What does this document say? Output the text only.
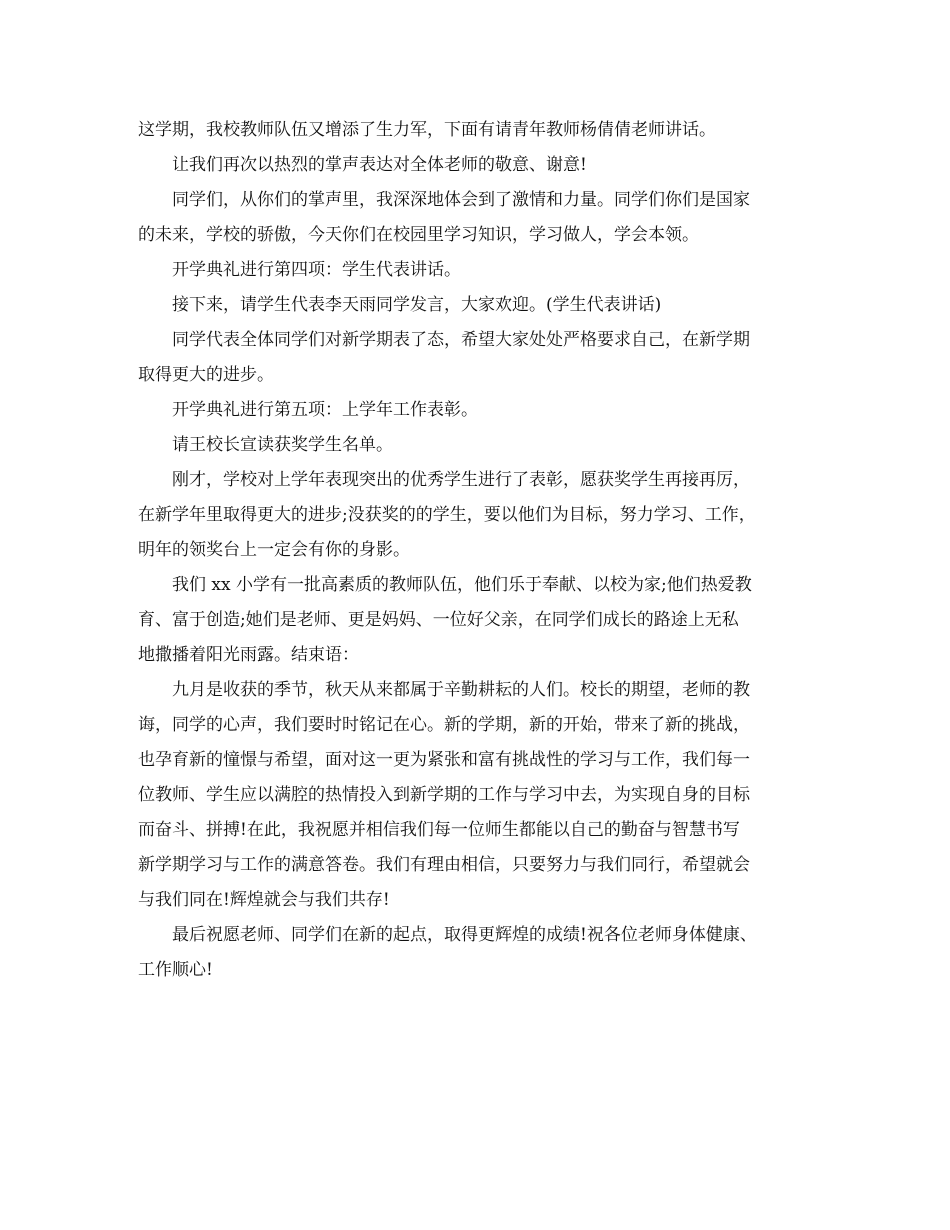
这学期，我校教师队伍又增添了生力军，下面有请青年教师杨倩倩老师讲话。
让我们再次以热烈的掌声表达对全体老师的敬意、谢意!
同学们，从你们的掌声里，我深深地体会到了激情和力量。同学们你们是国家
的未来，学校的骄傲，今天你们在校园里学习知识，学习做人，学会本领。
开学典礼进行第四项：学生代表讲话。
接下来，请学生代表李天雨同学发言，大家欢迎。(学生代表讲话)
同学代表全体同学们对新学期表了态，希望大家处处严格要求自己，在新学期
取得更大的进步。
开学典礼进行第五项：上学年工作表彰。
请王校长宣读获奖学生名单。
刚才，学校对上学年表现突出的优秀学生进行了表彰，愿获奖学生再接再厉，
在新学年里取得更大的进步;没获奖的的学生，要以他们为目标，努力学习、工作，
明年的领奖台上一定会有你的身影。
我们 xx 小学有一批高素质的教师队伍，他们乐于奉献、以校为家;他们热爱教
育、富于创造;她们是老师、更是妈妈、一位好父亲，在同学们成长的路途上无私
地撒播着阳光雨露。结束语：
九月是收获的季节，秋天从来都属于辛勤耕耘的人们。校长的期望，老师的教
诲，同学的心声，我们要时时铭记在心。新的学期，新的开始，带来了新的挑战，
也孕育新的憧憬与希望，面对这一更为紧张和富有挑战性的学习与工作，我们每一
位教师、学生应以满腔的热情投入到新学期的工作与学习中去，为实现自身的目标
而奋斗、拼搏!在此，我祝愿并相信我们每一位师生都能以自己的勤奋与智慧书写
新学期学习与工作的满意答卷。我们有理由相信，只要努力与我们同行，希望就会
与我们同在!辉煌就会与我们共存!
最后祝愿老师、同学们在新的起点，取得更辉煌的成绩!祝各位老师身体健康、
工作顺心!
